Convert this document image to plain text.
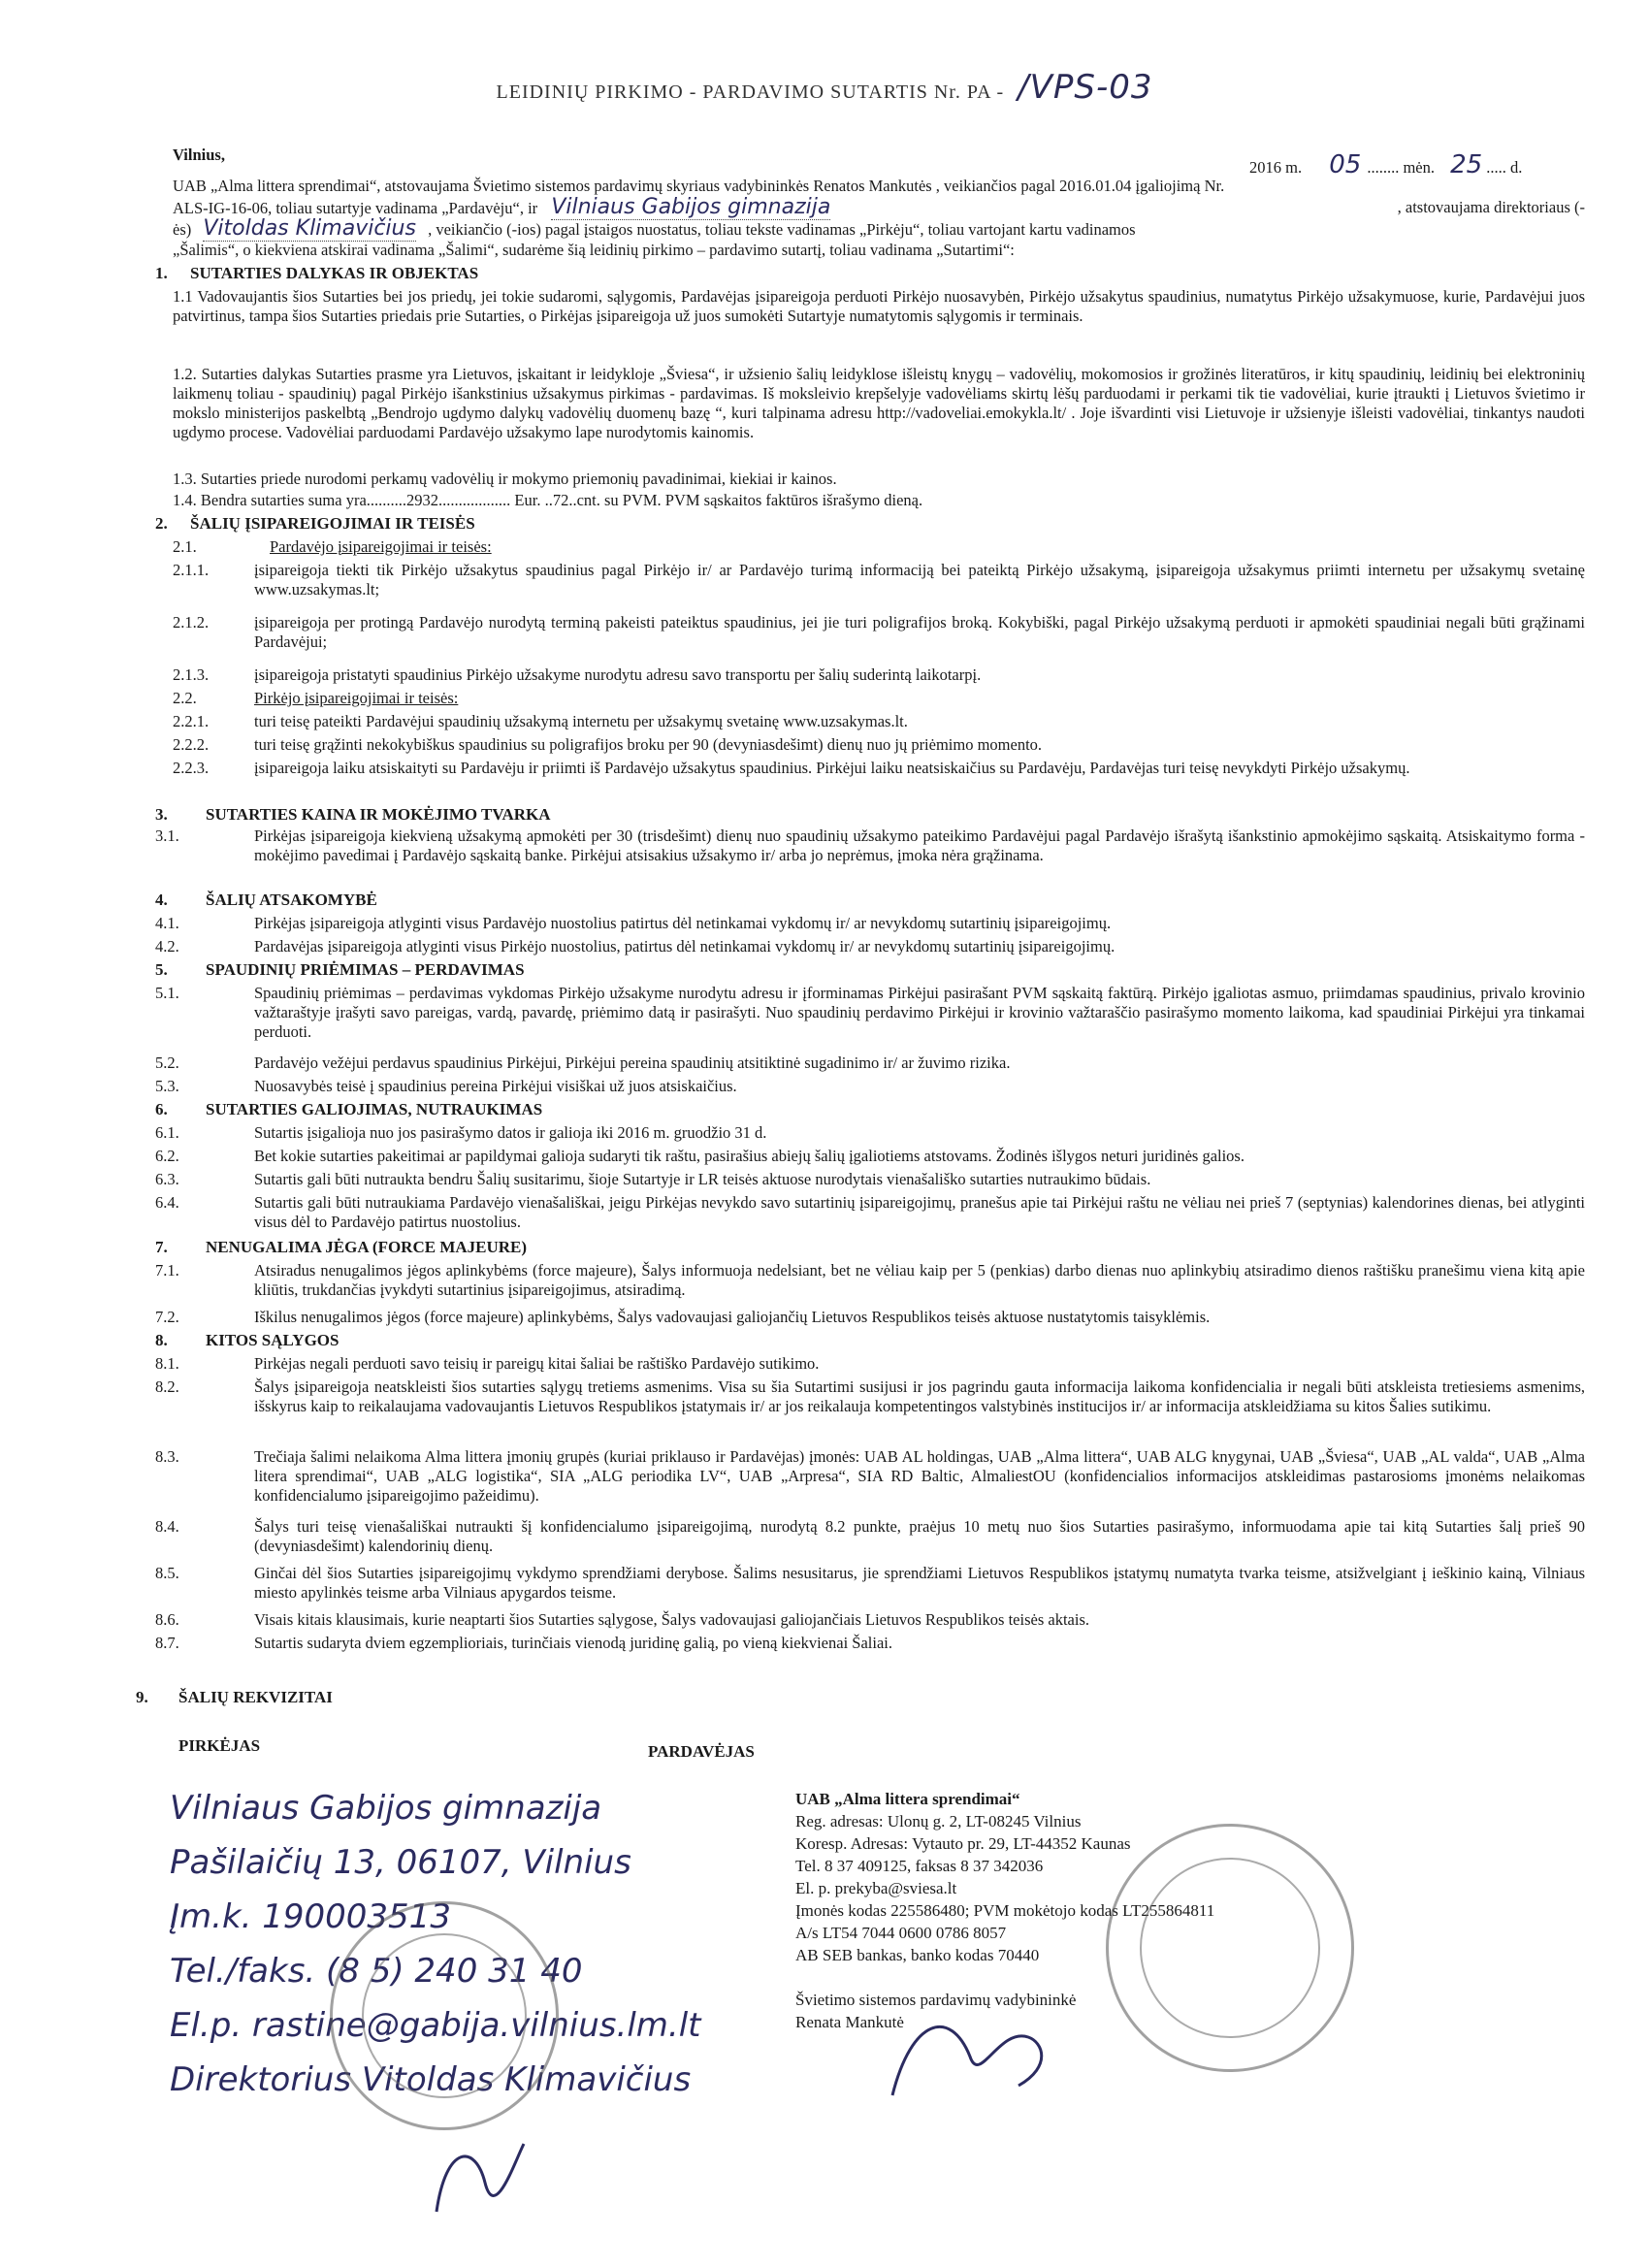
LEIDINIŲ PIRKIMO - PARDAVIMO SUTARTIS Nr. PA - /VPS-03
Vilnius,
2016 m. 05 ........ mėn. 25 ..... d.
UAB „Alma littera sprendimai“, atstovaujama Švietimo sistemos pardavimų skyriaus vadybininkės Renatos Mankutės , veikiančios pagal 2016.01.04 įgaliojimą Nr.
ALS-IG-16-06, toliau sutartyje vadinama „Pardavėju“, ir Vilniaus Gabijos gimnazija	, atstovaujama direktoriaus (-
ės) Vitoldas Klimavičius , veikiančio (-ios) pagal įstaigos nuostatus, toliau tekste vadinamas „Pirkėju“, toliau vartojant kartu vadinamos
„Šalimis“, o kiekviena atskirai vadinama „Šalimi“, sudarėme šią leidinių pirkimo – pardavimo sutartį, toliau vadinama „Sutartimi“:
1. SUTARTIES DALYKAS IR OBJEKTAS
1.1 Vadovaujantis šios Sutarties bei jos priedų, jei tokie sudaromi, sąlygomis, Pardavėjas įsipareigoja perduoti Pirkėjo nuosavybėn, Pirkėjo užsakytus spaudinius, numatytus Pirkėjo užsakymuose, kurie, Pardavėjui juos patvirtinus, tampa šios Sutarties priedais prie Sutarties, o Pirkėjas įsipareigoja už juos sumokėti Sutartyje numatytomis sąlygomis ir terminais.
1.2. Sutarties dalykas Sutarties prasme yra Lietuvos, įskaitant ir leidykloje „Šviesa“, ir užsienio šalių leidyklose išleistų knygų – vadovėlių, mokomosios ir grožinės literatūros, ir kitų spaudinių, leidinių bei elektroninių laikmenų toliau - spaudinių) pagal Pirkėjo išankstinius užsakymus pirkimas - pardavimas. Iš moksleivio krepšelyje vadovėliams skirtų lėšų parduodami ir perkami tik tie vadovėliai, kurie įtraukti į Lietuvos švietimo ir mokslo ministerijos paskelbtą „Bendrojo ugdymo dalykų vadovėlių duomenų bazę “, kuri talpinama adresu http://vadoveliai.emokykla.lt/ . Joje išvardinti visi Lietuvoje ir užsienyje išleisti vadovėliai, tinkantys naudoti ugdymo procese. Vadovėliai parduodami Pardavėjo užsakymo lape nurodytomis kainomis.
1.3. Sutarties priede nurodomi perkamų vadovėlių ir mokymo priemonių pavadinimai, kiekiai ir kainos.
1.4. Bendra sutarties suma yra..........2932.................. Eur. ..72..cnt. su PVM. PVM sąskaitos faktūros išrašymo dieną.
2. ŠALIŲ ĮSIPAREIGOJIMAI IR TEISĖS
2.1.	Pardavėjo įsipareigojimai ir teisės:
2.1.1.	įsipareigoja tiekti tik Pirkėjo užsakytus spaudinius pagal Pirkėjo ir/ ar Pardavėjo turimą informaciją bei pateiktą Pirkėjo užsakymą, įsipareigoja užsakymus priimti internetu per užsakymų svetainę www.uzsakymas.lt;
2.1.2.	įsipareigoja per protingą Pardavėjo nurodytą terminą pakeisti pateiktus spaudinius, jei jie turi poligrafijos broką. Kokybiški, pagal Pirkėjo užsakymą perduoti ir apmokėti spaudiniai negali būti grąžinami Pardavėjui;
2.1.3.	įsipareigoja pristatyti spaudinius Pirkėjo užsakyme nurodytu adresu savo transportu per šalių suderintą laikotarpį.
2.2.	Pirkėjo įsipareigojimai ir teisės:
2.2.1.	turi teisę pateikti Pardavėjui spaudinių užsakymą internetu per užsakymų svetainę www.uzsakymas.lt.
2.2.2.	turi teisę grąžinti nekokybiškus spaudinius su poligrafijos broku per 90 (devyniasdešimt) dienų nuo jų priėmimo momento.
2.2.3.	įsipareigoja laiku atsiskaityti su Pardavėju ir priimti iš Pardavėjo užsakytus spaudinius. Pirkėjui laiku neatsiskaičius su Pardavėju, Pardavėjas turi teisę nevykdyti Pirkėjo užsakymų.
3. SUTARTIES KAINA IR MOKĖJIMO TVARKA
3.1.	Pirkėjas įsipareigoja kiekvieną užsakymą apmokėti per 30 (trisdešimt) dienų nuo spaudinių užsakymo pateikimo Pardavėjui pagal Pardavėjo išrašytą išankstinio apmokėjimo sąskaitą. Atsiskaitymo forma - mokėjimo pavedimai į Pardavėjo sąskaitą banke. Pirkėjui atsisakius užsakymo ir/ arba jo neprėmus, įmoka nėra grąžinama.
4. ŠALIŲ ATSAKOMYBĖ
4.1.	Pirkėjas įsipareigoja atlyginti visus Pardavėjo nuostolius patirtus dėl netinkamai vykdomų ir/ ar nevykdomų sutartinių įsipareigojimų.
4.2.	Pardavėjas įsipareigoja atlyginti visus Pirkėjo nuostolius, patirtus dėl netinkamai vykdomų ir/ ar nevykdomų sutartinių įsipareigojimų.
5. SPAUDINIŲ PRIĖMIMAS – PERDAVIMAS
5.1.	Spaudinių priėmimas – perdavimas vykdomas Pirkėjo užsakyme nurodytu adresu ir įforminamas Pirkėjui pasirašant PVM sąskaitą faktūrą. Pirkėjo įgaliotas asmuo, priimdamas spaudinius, privalo krovinio važtaraštyje įrašyti savo pareigas, vardą, pavardę, priėmimo datą ir pasirašyti. Nuo spaudinių perdavimo Pirkėjui ir krovinio važtaraščio pasirašymo momento laikoma, kad spaudiniai Pirkėjui yra tinkamai perduoti.
5.2.	Pardavėjo vežėjui perdavus spaudinius Pirkėjui, Pirkėjui pereina spaudinių atsitiktinė sugadinimo ir/ ar žuvimo rizika.
5.3.	Nuosavybės teisė į spaudinius pereina Pirkėjui visiškai už juos atsiskaičius.
6. SUTARTIES GALIOJIMAS, NUTRAUKIMAS
6.1.	Sutartis įsigalioja nuo jos pasirašymo datos ir galioja iki 2016 m. gruodžio 31 d.
6.2.	Bet kokie sutarties pakeitimai ar papildymai galioja sudaryti tik raštu, pasirašius abiejų šalių įgaliotiems atstovams. Žodinės išlygos neturi juridinės galios.
6.3.	Sutartis gali būti nutraukta bendru Šalių susitarimu, šioje Sutartyje ir LR teisės aktuose nurodytais vienašališko sutarties nutraukimo būdais.
6.4.	Sutartis gali būti nutraukiama Pardavėjo vienašališkai, jeigu Pirkėjas nevykdo savo sutartinių įsipareigojimų, pranešus apie tai Pirkėjui raštu ne vėliau nei prieš 7 (septynias) kalendorines dienas, bei atlyginti visus dėl to Pardavėjo patirtus nuostolius.
7. NENUGALIMA JĖGA (FORCE MAJEURE)
7.1.	Atsiradus nenugalimos jėgos aplinkybėms (force majeure), Šalys informuoja nedelsiant, bet ne vėliau kaip per 5 (penkias) darbo dienas nuo aplinkybių atsiradimo dienos raštišku pranešimu viena kitą apie kliūtis, trukdančias įvykdyti sutartinius įsipareigojimus, atsiradimą.
7.2.	Iškilus nenugalimos jėgos (force majeure) aplinkybėms, Šalys vadovaujasi galiojančių Lietuvos Respublikos teisės aktuose nustatytomis taisyklėmis.
8. KITOS SĄLYGOS
8.1.	Pirkėjas negali perduoti savo teisių ir pareigų kitai šaliai be raštiško Pardavėjo sutikimo.
8.2.	Šalys įsipareigoja neatskleisti šios sutarties sąlygų tretiems asmenims. Visa su šia Sutartimi susijusi ir jos pagrindu gauta informacija laikoma konfidencialia ir negali būti atskleista tretiesiems asmenims, išskyrus kaip to reikalaujama vadovaujantis Lietuvos Respublikos įstatymais ir/ ar jos reikalauja kompetentingos valstybinės institucijos ir/ ar informacija atskleidžiama su kitos Šalies sutikimu.
8.3.	Trečiaja šalimi nelaikoma Alma littera įmonių grupės (kuriai priklauso ir Pardavėjas) įmonės: UAB AL holdingas, UAB „Alma littera“, UAB ALG knygynai, UAB „Šviesa“, UAB „AL valda“, UAB „Alma litera sprendimai“, UAB „ALG logistika“, SIA „ALG periodika LV“, UAB „Arpresa“, SIA RD Baltic, AlmaliestOU (konfidencialios informacijos atskleidimas pastarosioms įmonėms nelaikomas konfidencialumo įsipareigojimo pažeidimu).
8.4.	Šalys turi teisę vienašališkai nutraukti šį konfidencialumo įsipareigojimą, nurodytą 8.2 punkte, praėjus 10 metų nuo šios Sutarties pasirašymo, informuodama apie tai kitą Sutarties šalį prieš 90 (devyniasdešimt) kalendorinių dienų.
8.5.	Ginčai dėl šios Sutarties įsipareigojimų vykdymo sprendžiami derybose. Šalims nesusitarus, jie sprendžiami Lietuvos Respublikos įstatymų numatyta tvarka teisme, atsižvelgiant į ieškinio kainą, Vilniaus miesto apylinkės teisme arba Vilniaus apygardos teisme.
8.6.	Visais kitais klausimais, kurie neaptarti šios Sutarties sąlygose, Šalys vadovaujasi galiojančiais Lietuvos Respublikos teisės aktais.
8.7.	Sutartis sudaryta dviem egzemplioriais, turinčiais vienodą juridinę galią, po vieną kiekvienai Šaliai.
9. ŠALIŲ REKVIZITAI
PIRKĖJAS	PARDAVĖJAS
Vilniaus Gabijos gimnazija
Pašilaičių 13, 06107, Vilnius
Įm.k. 190003513
Tel./faks. (8 5) 240 31 40
El.p. rastine@gabija.vilnius.lm.lt
Direktorius Vitoldas Klimavičius
UAB „Alma littera sprendimai“
Reg. adresas: Ulonų g. 2, LT-08245 Vilnius
Koresp. Adresas: Vytauto pr. 29, LT-44352 Kaunas
Tel. 8 37 409125, faksas 8 37 342036
El. p. prekyba@sviesa.lt
Įmonės kodas 225586480; PVM mokėtojo kodas LT255864811
A/s LT54 7044 0600 0786 8057
AB SEB bankas, banko kodas 70440
Švietimo sistemos pardavimų vadybininkė
Renata Mankutė
